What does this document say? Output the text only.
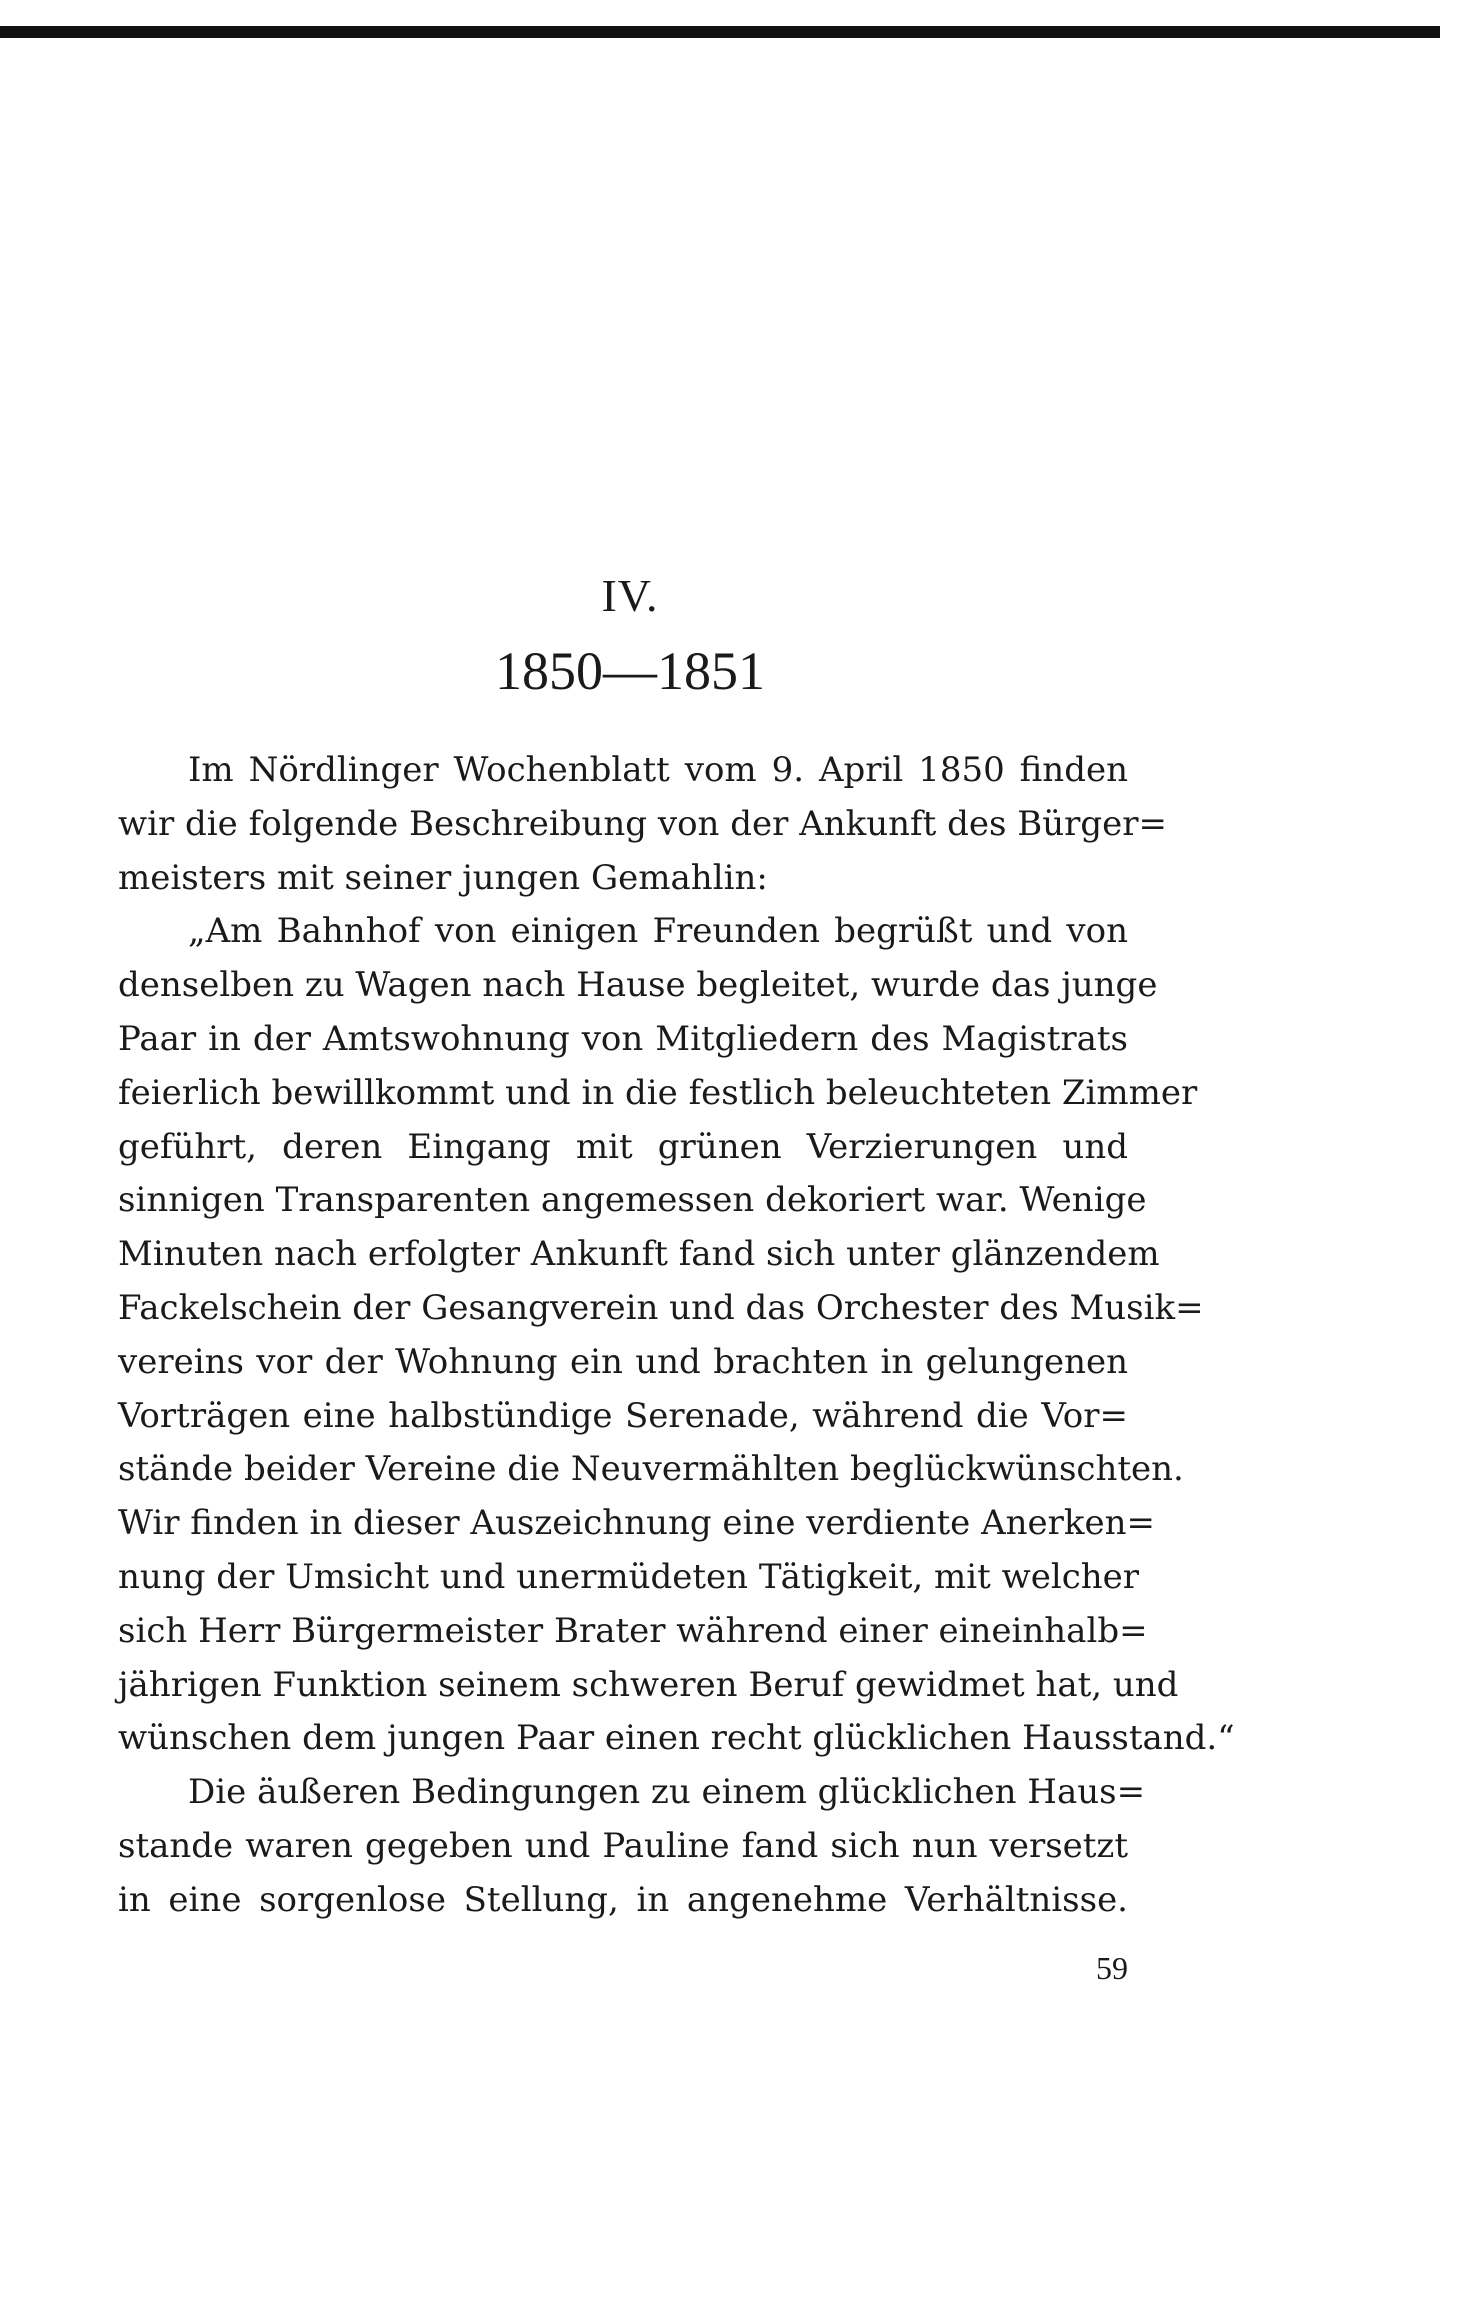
IV.
1850—1851
Im Nördlinger Wochenblatt vom 9. April 1850 finden
wir die folgende Beschreibung von der Ankunft des Bürger=
meisters mit seiner jungen Gemahlin:
„Am Bahnhof von einigen Freunden begrüßt und von
denselben zu Wagen nach Hause begleitet, wurde das junge
Paar in der Amtswohnung von Mitgliedern des Magistrats
feierlich bewillkommt und in die festlich beleuchteten Zimmer
geführt, deren Eingang mit grünen Verzierungen und
sinnigen Transparenten angemessen dekoriert war. Wenige
Minuten nach erfolgter Ankunft fand sich unter glänzendem
Fackelschein der Gesangverein und das Orchester des Musik=
vereins vor der Wohnung ein und brachten in gelungenen
Vorträgen eine halbstündige Serenade, während die Vor=
stände beider Vereine die Neuvermählten beglückwünschten.
Wir finden in dieser Auszeichnung eine verdiente Anerken=
nung der Umsicht und unermüdeten Tätigkeit, mit welcher
sich Herr Bürgermeister Brater während einer eineinhalb=
jährigen Funktion seinem schweren Beruf gewidmet hat, und
wünschen dem jungen Paar einen recht glücklichen Hausstand.“
Die äußeren Bedingungen zu einem glücklichen Haus=
stande waren gegeben und Pauline fand sich nun versetzt
in eine sorgenlose Stellung, in angenehme Verhältnisse.
59
